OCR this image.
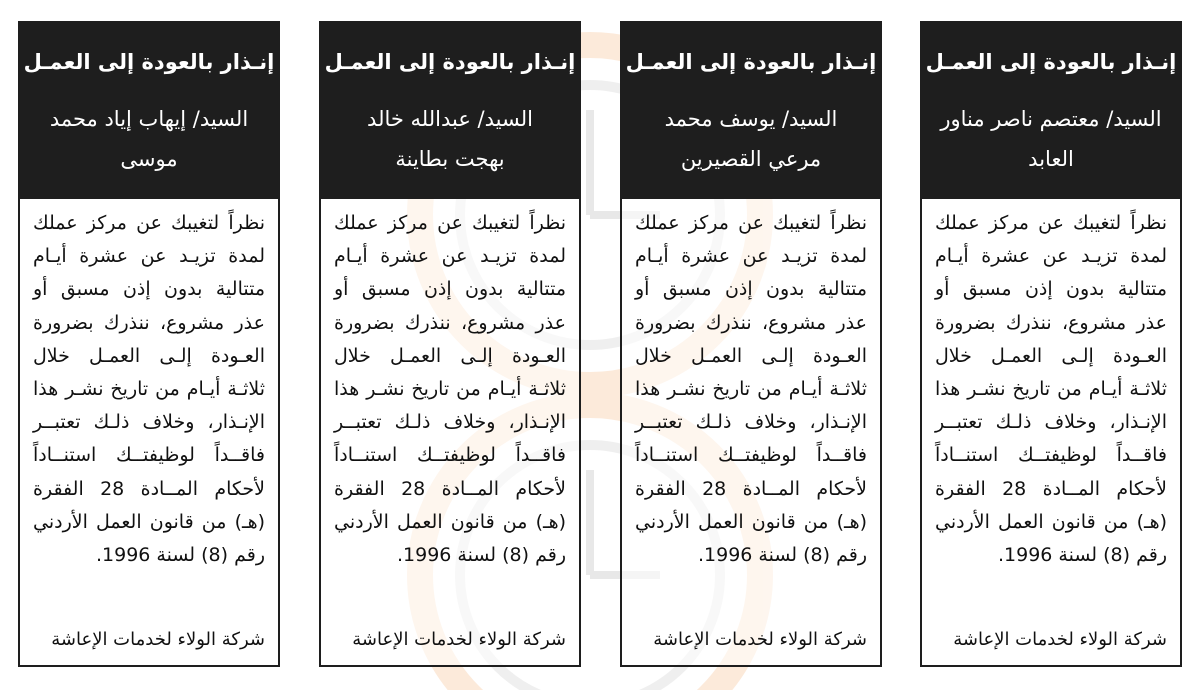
إنـذار بالعودة إلى العمـل
السيد/ معتصم ناصر مناور العابد
نظراً لتغيبك عن مركز عملك لمدة تزيـد عن عشرة أيـام متتالية بدون إذن مسبق أو عذر مشروع، ننذرك بضرورة العـودة إلـى العمـل خلال ثلاثـة أيـام من تاريخ نشـر هذا الإنـذار، وخلاف ذلـك تعتبــر فاقــداً لوظيفتــك استنــاداً لأحكام المــادة 28 الفقرة (هـ) من قانون العمل الأردني رقم (8) لسنة 1996.
شركة الولاء لخدمات الإعاشة
إنـذار بالعودة إلى العمـل
السيد/ يوسف محمد مرعي القصيرين
نظراً لتغيبك عن مركز عملك لمدة تزيـد عن عشرة أيـام متتالية بدون إذن مسبق أو عذر مشروع، ننذرك بضرورة العـودة إلـى العمـل خلال ثلاثـة أيـام من تاريخ نشـر هذا الإنـذار، وخلاف ذلـك تعتبــر فاقــداً لوظيفتــك استنــاداً لأحكام المــادة 28 الفقرة (هـ) من قانون العمل الأردني رقم (8) لسنة 1996.
شركة الولاء لخدمات الإعاشة
إنـذار بالعودة إلى العمـل
السيد/ عبدالله خالد بهجت بطاينة
نظراً لتغيبك عن مركز عملك لمدة تزيـد عن عشرة أيـام متتالية بدون إذن مسبق أو عذر مشروع، ننذرك بضرورة العـودة إلـى العمـل خلال ثلاثـة أيـام من تاريخ نشـر هذا الإنـذار، وخلاف ذلـك تعتبــر فاقــداً لوظيفتــك استنــاداً لأحكام المــادة 28 الفقرة (هـ) من قانون العمل الأردني رقم (8) لسنة 1996.
شركة الولاء لخدمات الإعاشة
إنـذار بالعودة إلى العمـل
السيد/ إيهاب إياد محمد موسى
نظراً لتغيبك عن مركز عملك لمدة تزيـد عن عشرة أيـام متتالية بدون إذن مسبق أو عذر مشروع، ننذرك بضرورة العـودة إلـى العمـل خلال ثلاثـة أيـام من تاريخ نشـر هذا الإنـذار، وخلاف ذلـك تعتبــر فاقــداً لوظيفتــك استنــاداً لأحكام المــادة 28 الفقرة (هـ) من قانون العمل الأردني رقم (8) لسنة 1996.
شركة الولاء لخدمات الإعاشة
